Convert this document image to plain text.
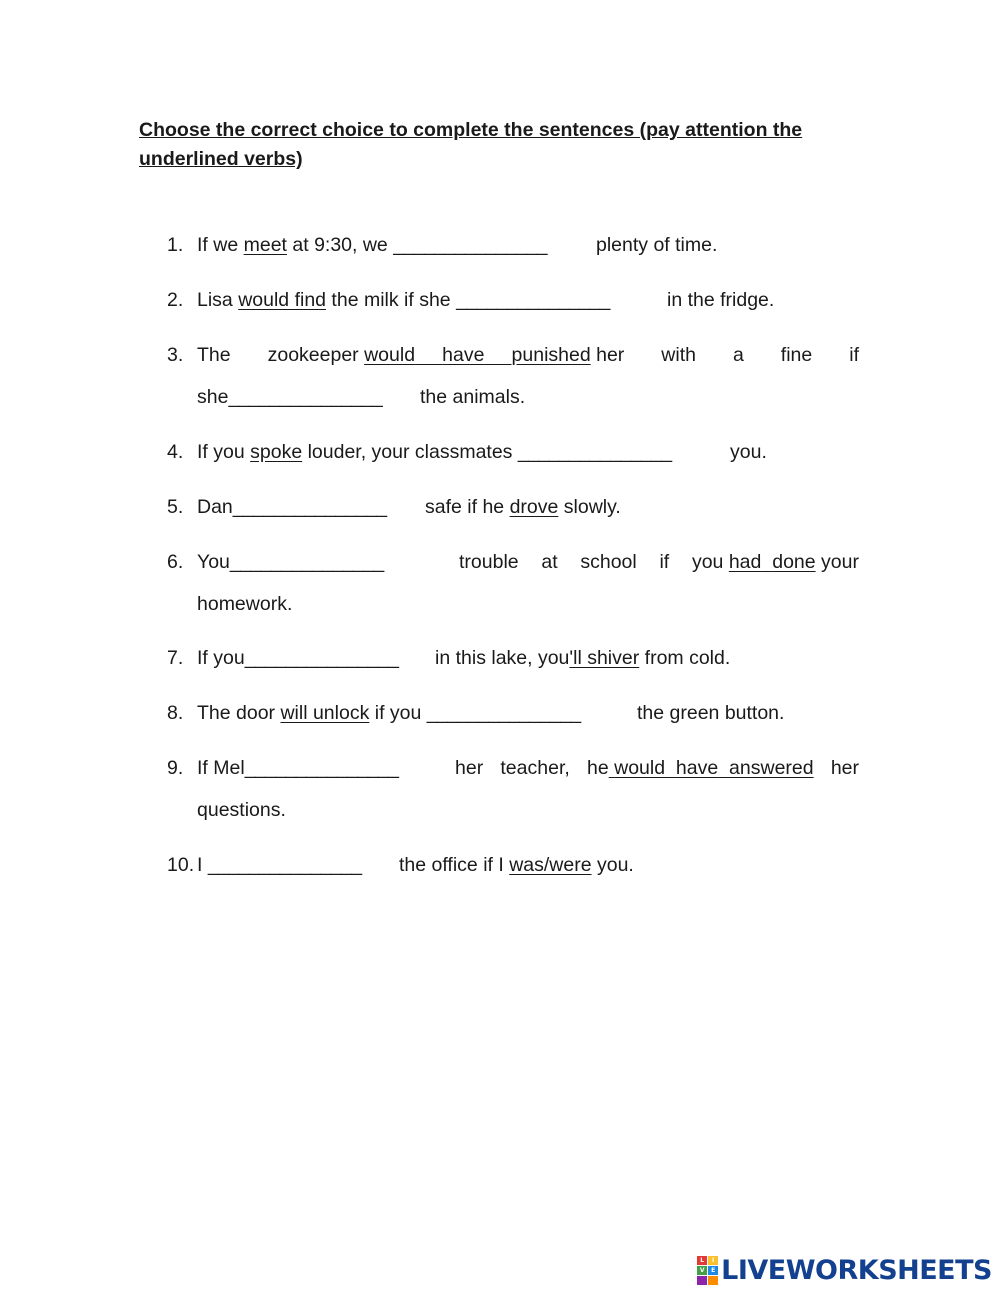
Choose the correct choice to complete the sentences (pay attention the underlined verbs)

1. If we meet at 9:30, we _______________	plenty of time.
2. Lisa would find the milk if she _______________	in the fridge.
3. The zookeeper would have punished her with a fine if
she_______________ the animals.
4. If you spoke louder, your classmates _______________	you.
5. Dan_______________ safe if he drove slowly.
6. You_______________	trouble at school if you had done your
homework.
7. If you_______________ in this lake, you'll shiver from cold.
8. The door will unlock if you _______________	the green button.
9. If Mel_______________	her teacher, he would have answered her
questions.
10. I _______________ the office if I was/were you.
L	I
V	E LIVEWORKSHEETS
